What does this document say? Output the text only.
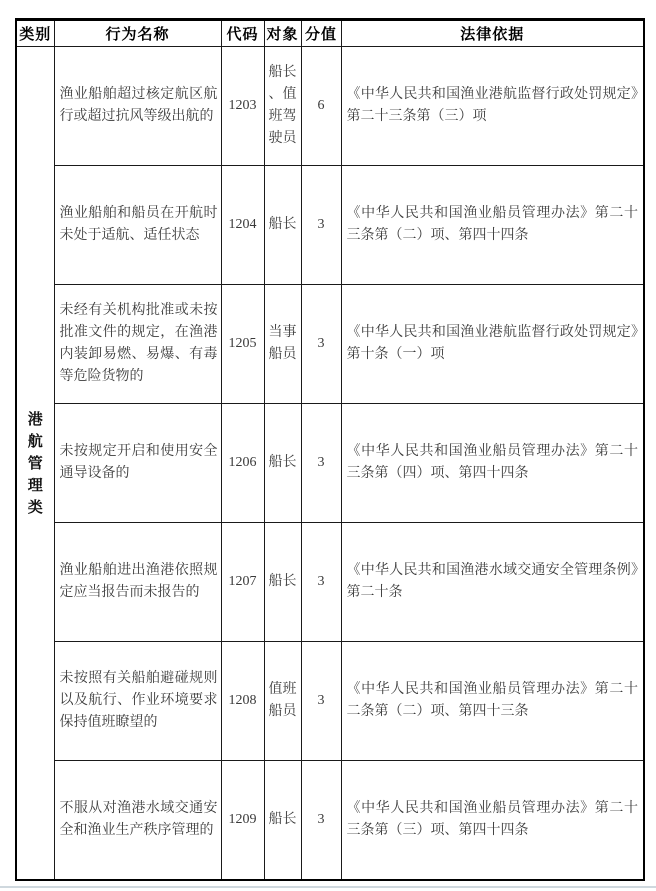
类别	行为名称	代码	对象	分值	法律依据

港航管理类	渔业船舶超过核定航区航行或超过抗风等级出航的	1203	船长、值班驾驶员	6	《中华人民共和国渔业港航监督行政处罚规定》第二十三条第（三）项
	渔业船舶和船员在开航时未处于适航、适任状态	1204	船长	3	《中华人民共和国渔业船员管理办法》第二十三条第（二）项、第四十四条
	未经有关机构批准或未按批准文件的规定，在渔港内装卸易燃、易爆、有毒等危险货物的	1205	当事船员	3	《中华人民共和国渔业港航监督行政处罚规定》第十条（一）项
	未按规定开启和使用安全通导设备的	1206	船长	3	《中华人民共和国渔业船员管理办法》第二十三条第（四）项、第四十四条
	渔业船舶进出渔港依照规定应当报告而未报告的	1207	船长	3	《中华人民共和国渔港水域交通安全管理条例》第二十条
	未按照有关船舶避碰规则以及航行、作业环境要求保持值班瞭望的	1208	值班船员	3	《中华人民共和国渔业船员管理办法》第二十二条第（二）项、第四十三条
	不服从对渔港水域交通安全和渔业生产秩序管理的	1209	船长	3	《中华人民共和国渔业船员管理办法》第二十三条第（三）项、第四十四条
